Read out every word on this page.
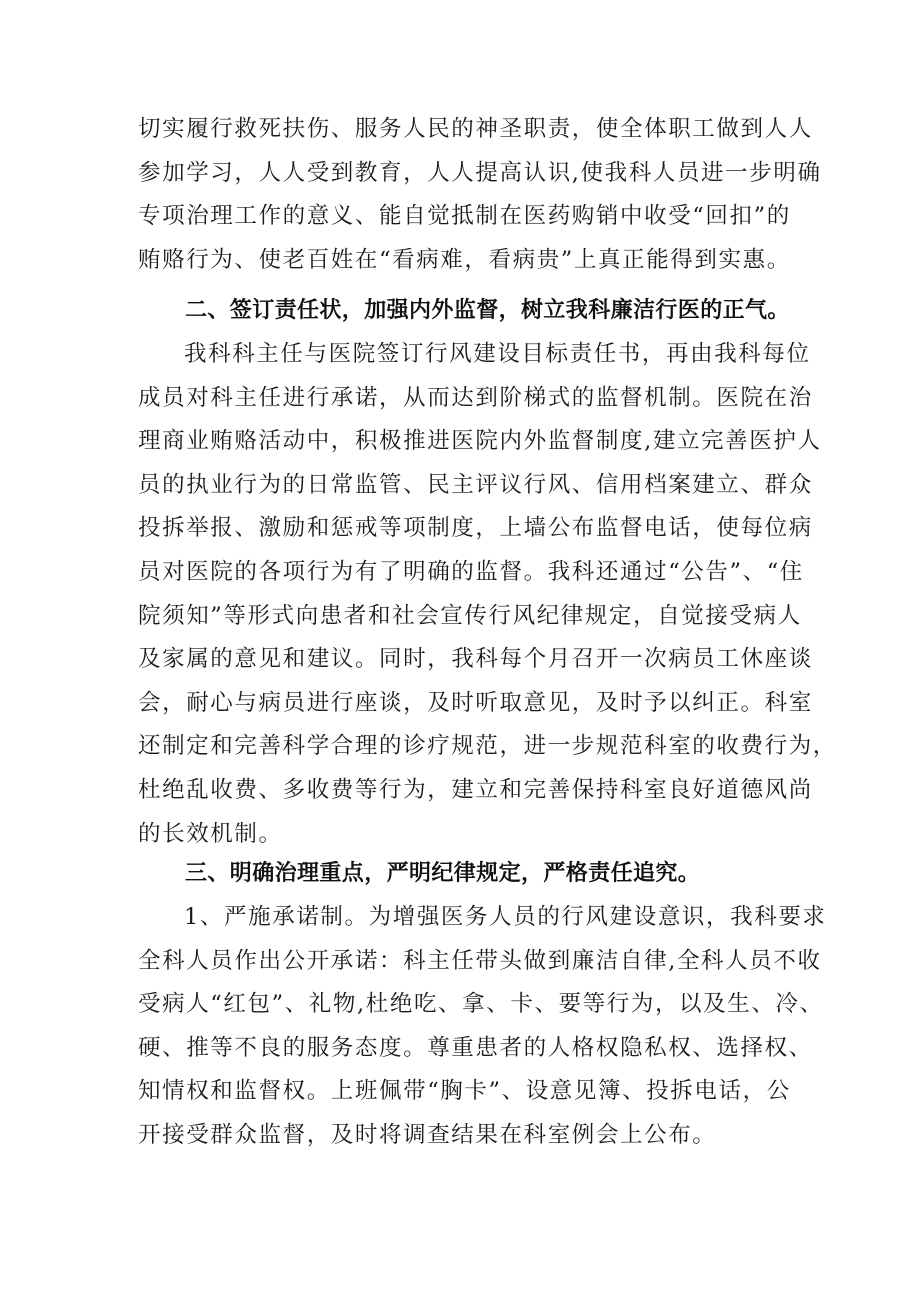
切实履行救死扶伤、服务人民的神圣职责，使全体职工做到人人
参加学习，人人受到教育，人人提高认识,使我科人员进一步明确
专项治理工作的意义、能自觉抵制在医药购销中收受“回扣”的
贿赂行为、使老百姓在“看病难，看病贵”上真正能得到实惠。
二、签订责任状，加强内外监督，树立我科廉洁行医的正气。
我科科主任与医院签订行风建设目标责任书，再由我科每位
成员对科主任进行承诺，从而达到阶梯式的监督机制。医院在治
理商业贿赂活动中，积极推进医院内外监督制度,建立完善医护人
员的执业行为的日常监管、民主评议行风、信用档案建立、群众
投拆举报、激励和惩戒等项制度，上墙公布监督电话，使每位病
员对医院的各项行为有了明确的监督。我科还通过“公告”、“住
院须知”等形式向患者和社会宣传行风纪律规定，自觉接受病人
及家属的意见和建议。同时，我科每个月召开一次病员工休座谈
会，耐心与病员进行座谈，及时听取意见，及时予以纠正。科室
还制定和完善科学合理的诊疗规范，进一步规范科室的收费行为，
杜绝乱收费、多收费等行为，建立和完善保持科室良好道德风尚
的长效机制。
三、明确治理重点，严明纪律规定，严格责任追究。
1、严施承诺制。为增强医务人员的行风建设意识，我科要求
全科人员作出公开承诺：科主任带头做到廉洁自律,全科人员不收
受病人“红包”、礼物,杜绝吃、拿、卡、要等行为，以及生、冷、
硬、推等不良的服务态度。尊重患者的人格权隐私权、选择权、
知情权和监督权。上班佩带“胸卡”、设意见簿、投拆电话，公
开接受群众监督，及时将调查结果在科室例会上公布。
